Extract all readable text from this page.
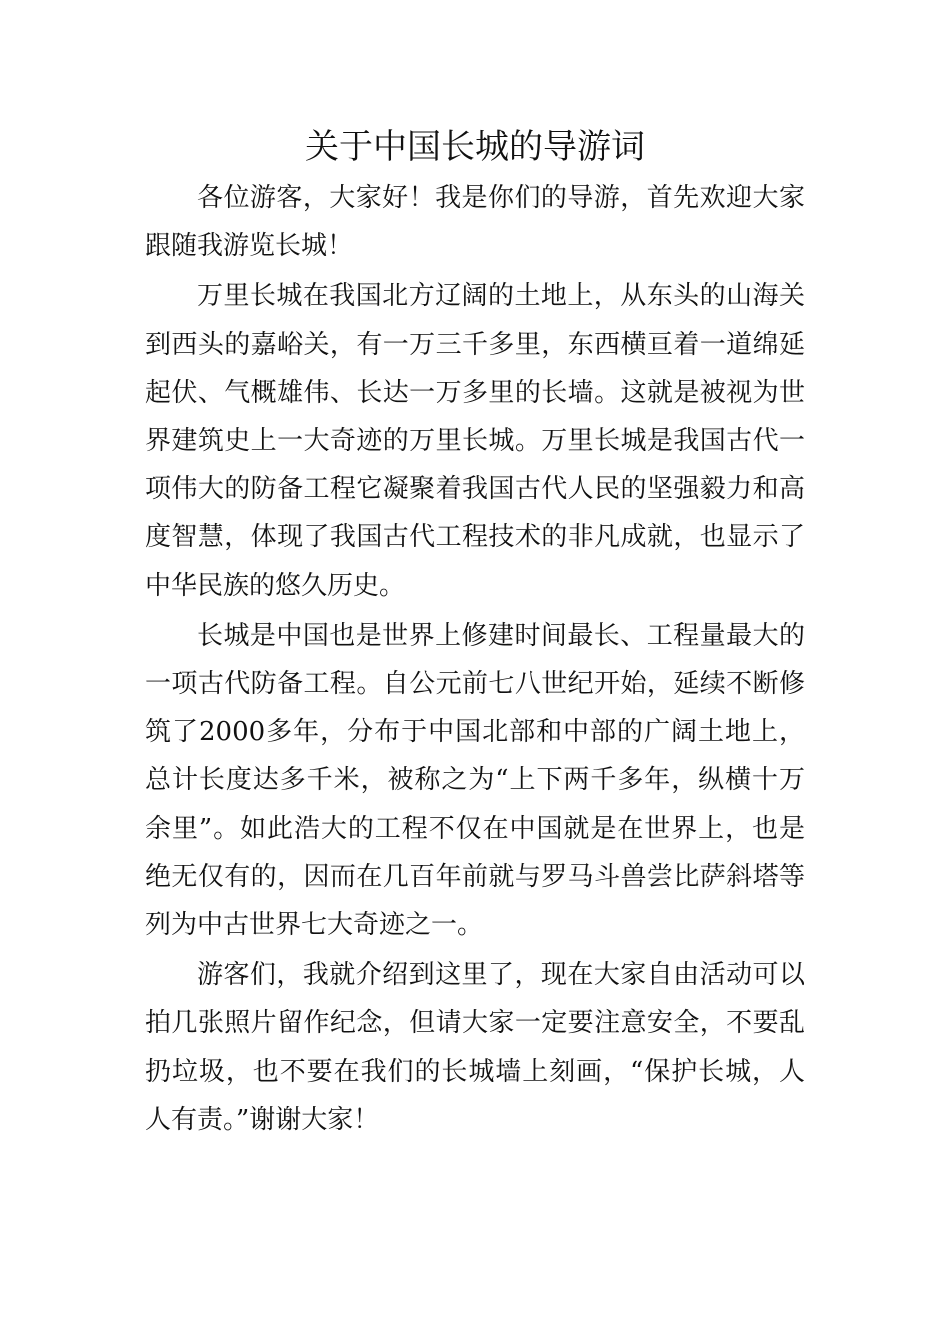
关于中国长城的导游词

各位游客，大家好！我是你们的导游，首先欢迎大家跟随我游览长城！

万里长城在我国北方辽阔的土地上，从东头的山海关到西头的嘉峪关，有一万三千多里，东西横亘着一道绵延起伏、气概雄伟、长达一万多里的长墙。这就是被视为世界建筑史上一大奇迹的万里长城。万里长城是我国古代一项伟大的防备工程它凝聚着我国古代人民的坚强毅力和高度智慧，体现了我国古代工程技术的非凡成就，也显示了中华民族的悠久历史。

长城是中国也是世界上修建时间最长、工程量最大的一项古代防备工程。自公元前七八世纪开始，延续不断修筑了2000多年，分布于中国北部和中部的广阔土地上，总计长度达多千米，被称之为“上下两千多年，纵横十万余里”。如此浩大的工程不仅在中国就是在世界上，也是绝无仅有的，因而在几百年前就与罗马斗兽尝比萨斜塔等列为中古世界七大奇迹之一。

游客们，我就介绍到这里了，现在大家自由活动可以拍几张照片留作纪念，但请大家一定要注意安全，不要乱扔垃圾，也不要在我们的长城墙上刻画，“保护长城，人人有责。”谢谢大家！
